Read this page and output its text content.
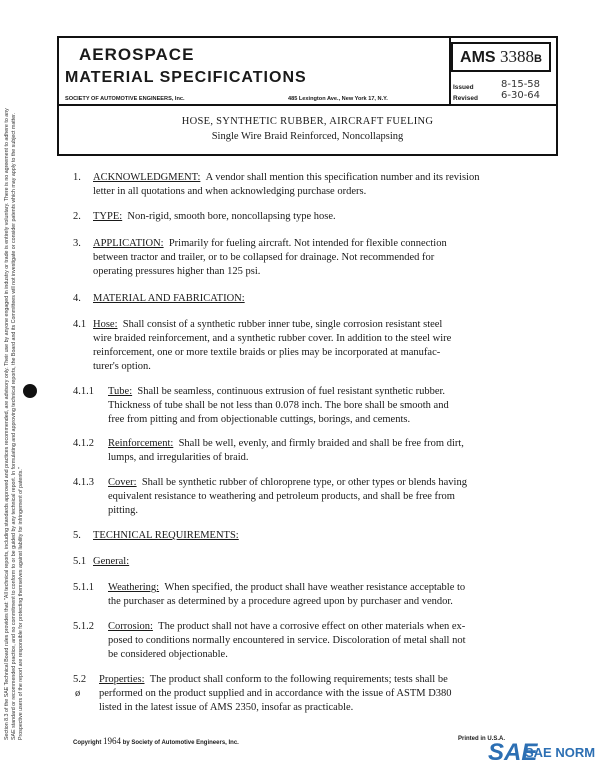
Section 8.3 of the SAE Technical Board rules provides that: "All technical reports, including standards approved and practices recommended, are advisory only. Their use by anyone engaged in industry or trade is entirely voluntary. There is no agreement to adhere to any SAE standard or recommended practice, and no commitment to conform to or be guided by any technical report. In formulating and approving technical reports, the Board and its Committees will not investigate or consider patents which may apply to the subject matter. Prospective users of the report are responsible for protecting themselves against liability for infringement of patents."
AEROSPACE
MATERIAL SPECIFICATIONS
SOCIETY OF AUTOMOTIVE ENGINEERS, Inc.	485 Lexington Ave., New York 17, N.Y.
AMS 3388B
Issued	8-15-58
Revised 6-30-64
HOSE, SYNTHETIC RUBBER, AIRCRAFT FUELING
Single Wire Braid Reinforced, Noncollapsing
1. ACKNOWLEDGMENT: A vendor shall mention this specification number and its revision
letter in all quotations and when acknowledging purchase orders.
2. TYPE: Non-rigid, smooth bore, noncollapsing type hose.
3. APPLICATION: Primarily for fueling aircraft. Not intended for flexible connection
between tractor and trailer, or to be collapsed for drainage. Not recommended for
operating pressures higher than 125 psi.
4. MATERIAL AND FABRICATION:
4.1 Hose: Shall consist of a synthetic rubber inner tube, single corrosion resistant steel
wire braided reinforcement, and a synthetic rubber cover. In addition to the steel wire
reinforcement, one or more textile braids or plies may be incorporated at manufac-
turer's option.
4.1.1 Tube: Shall be seamless, continuous extrusion of fuel resistant synthetic rubber.
Thickness of tube shall be not less than 0.078 inch. The bore shall be smooth and
free from pitting and from objectionable cuttings, borings, and cements.
4.1.2 Reinforcement: Shall be well, evenly, and firmly braided and shall be free from dirt,
lumps, and irregularities of braid.
4.1.3 Cover: Shall be synthetic rubber of chloroprene type, or other types or blends having
equivalent resistance to weathering and petroleum products, and shall be free from
pitting.
5. TECHNICAL REQUIREMENTS:
5.1 General:
5.1.1 Weathering: When specified, the product shall have weather resistance acceptable to
the purchaser as determined by a procedure agreed upon by purchaser and vendor.
5.1.2 Corrosion: The product shall not have a corrosive effect on other materials when ex-
posed to conditions normally encountered in service. Discoloration of metal shall not
be considered objectionable.
5.2
ø
Properties: The product shall conform to the following requirements; tests shall be
performed on the product supplied and in accordance with the issue of ASTM D380
listed in the latest issue of AMS 2350, insofar as practicable.
Copyright 1964 by Society of Automotive Engineers, Inc.
Printed in U.S.A.
SAE
SAE NORM
